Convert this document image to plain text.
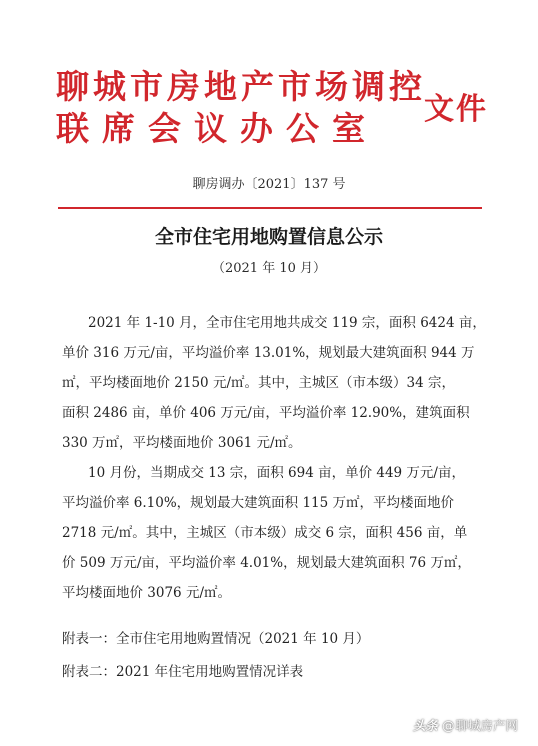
聊城市房地产市场调控
联席会议办公室	文件
聊房调办〔2021〕137 号
全市住宅用地购置信息公示
（2021 年 10 月）
2021 年 1-10 月，全市住宅用地共成交 119 宗，面积 6424 亩，
单价 316 万元/亩，平均溢价率 13.01%，规划最大建筑面积 944 万
㎡，平均楼面地价 2150 元/㎡。其中，主城区（市本级）34 宗，
面积 2486 亩，单价 406 万元/亩，平均溢价率 12.90%，建筑面积
330 万㎡，平均楼面地价 3061 元/㎡。
10 月份，当期成交 13 宗，面积 694 亩，单价 449 万元/亩，
平均溢价率 6.10%，规划最大建筑面积 115 万㎡，平均楼面地价
2718 元/㎡。其中，主城区（市本级）成交 6 宗，面积 456 亩，单
价 509 万元/亩，平均溢价率 4.01%，规划最大建筑面积 76 万㎡，
平均楼面地价 3076 元/㎡。
附表一：全市住宅用地购置情况（2021 年 10 月）
附表二：2021 年住宅用地购置情况详表
头条 @ 聊城房产网
